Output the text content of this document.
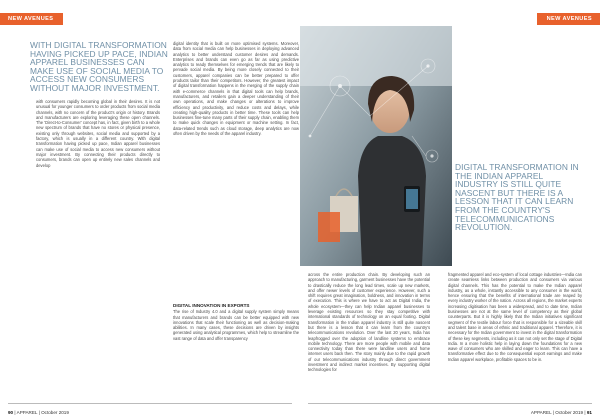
NEW AVENUES
WITH DIGITAL TRANSFORMATION HAVING PICKED UP PACE, INDIAN APPAREL BUSINESSES CAN MAKE USE OF SOCIAL MEDIA TO ACCESS NEW CONSUMERS WITHOUT MAJOR INVESTMENT.

with consumers rapidly becoming global in their desires. It is not unusual for younger consumers to order products from social media channels, with no concern of the product's origin or history. Brands and manufacturers are exploring leveraging these open channels. The 'Direct-to-Consumer' concept has, in fact, given birth to a whole new spectrum of brands that have no stores or physical presence, existing only through websites, social media and supported by a factory, which is usually in a different country. With digital transformation having picked up pace, Indian apparel businesses can make use of social media to access new consumers without major investment. By connecting their products directly to consumers, brands can open up entirely new sales channels and develop

digital identity that is built on more optimised systems. Moreover, data from social media can help businesses in deploying advanced analytics to better understand customer desires and demands. Enterprises and brands can even go as far as using predictive analytics to ready themselves for emerging trends that are likely to pervade social media. By being more closely connected to their customers, apparel companies can be better prepared to offer products tailor than their competitors. However, the greatest impact of digital transformation happens in the merging of the supply chain with e-commerce channels in that digital tools can help brands, manufacturers, and retailers gain a deeper understanding of their own operations, and make changes or alterations to improve efficiency and productivity, and reduce costs and delays, while creating high-quality products in better time. These tools can help businesses fine-tune many parts of their supply chain, enabling them to make quick changes in equipment or machine setting. In fact, data-related trends such as cloud storage, deep analytics are now often driven by the needs of the apparel industry.

DIGITAL INNOVATION IN EXPORTS

The rise of Industry 4.0 and a digital supply system simply means that manufacturers and brands can be better equipped with new innovations that scale their functioning as well as decision-making abilities. In many cases, these decisions are driven by insights generated using analytical programmes, which help to streamline the vast range of data and offer transparency

90 | APPAREL | October 2019
NEW AVENUES
APPAREL | October 2019 | 91
DIGITAL TRANSFORMATION IN THE INDIAN APPAREL INDUSTRY IS STILL QUITE NASCENT BUT THERE IS A LESSON THAT IT CAN LEARN FROM THE COUNTRY'S TELECOMMUNICATIONS REVOLUTION.

across the entire production chain. By developing such an approach to manufacturing, garment businesses have the potential to drastically reduce the long lead times, scale up new markets, and offer newer levels of customer experience. However, such a shift requires great imagination, boldness, and innovation in terms of execution. This is where we have to act as Digital India, the whole ecosystem—they can help Indian apparel businesses to leverage existing resources so they stay competitive with international standards of technology on an equal footing. Digital transformation in the Indian apparel industry is still quite nascent but there is a lesson that it can learn from the country's telecommunications revolution. Over the last 20 years, India has leapfrogged over the adoption of landline systems to embrace mobile technology. There are more people with mobile and data connectivity today than there were landline users and home internet users back then. The story mainly due to the rapid growth of our telecommunications industry through direct government investment and indirect market incentives. By supporting digital technologies for

fragmented apparel and eco-system of local cottage industries—India can create seamless links between production and consumers via various digital channels. This has the potential to make the Indian apparel industry, as a whole, instantly accessible to any consumer in the world, hence ensuring that the benefits of international trade are reaped by every industry worker of the nation. Across all regions, the market experts increasing digitisation has been a widespread, and to date time, Indian businesses are not at the same level of competency as their global counterparts. But it is highly likely that the Indian initiatives significant segment of the textile labour force that is responsible for a sizeable skill and talent base in areas of ethnic and traditional apparel. Therefore, it is necessary for the Indian government to invest in the digital transformation of these key segments, including as it can not only set the stage of Digital India. In a more holistic help in laying down the foundations for a new wave of consumers who are skilled and eager to learn. This can have a transformative effect due to the consequential export earnings and make Indian apparel workplace, profitable spaces to be in.
